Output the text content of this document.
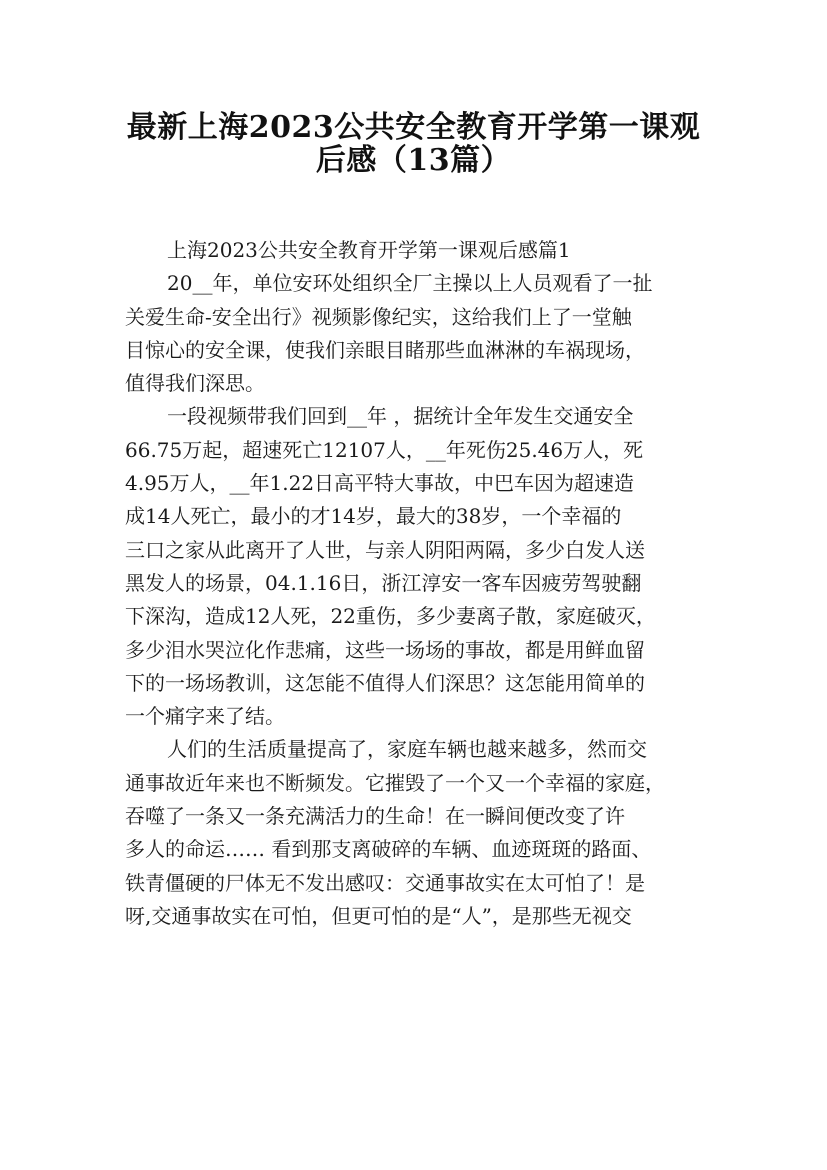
最新上海2023公共安全教育开学第一课观
后感（13篇）
上海2023公共安全教育开学第一课观后感篇1
20__年，单位安环处组织全厂主操以上人员观看了一扯
关爱生命-安全出行》视频影像纪实，这给我们上了一堂触
目惊心的安全课，使我们亲眼目睹那些血淋淋的车祸现场，
值得我们深思。
一段视频带我们回到__年 ，据统计全年发生交通安全
66.75万起，超速死亡12107人，__年死伤25.46万人，死
4.95万人，__年1.22日高平特大事故，中巴车因为超速造
成14人死亡，最小的才14岁，最大的38岁，一个幸福的
三口之家从此离开了人世，与亲人阴阳两隔，多少白发人送
黑发人的场景，04.1.16日，浙江淳安一客车因疲劳驾驶翻
下深沟，造成12人死，22重伤，多少妻离子散，家庭破灭，
多少泪水哭泣化作悲痛，这些一场场的事故，都是用鲜血留
下的一场场教训，这怎能不值得人们深思？这怎能用简单的
一个痛字来了结。
人们的生活质量提高了，家庭车辆也越来越多，然而交
通事故近年来也不断频发。它摧毁了一个又一个幸福的家庭，
吞噬了一条又一条充满活力的生命！在一瞬间便改变了许
多人的命运…… 看到那支离破碎的车辆、血迹斑斑的路面、
铁青僵硬的尸体无不发出感叹：交通事故实在太可怕了！是
呀,交通事故实在可怕，但更可怕的是“人”，是那些无视交
